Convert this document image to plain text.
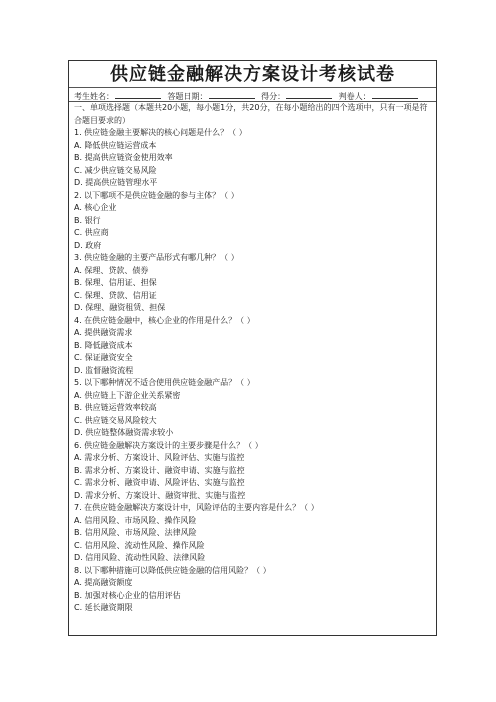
供应链金融解决方案设计考核试卷
考生姓名：	答题日期：	得分：	判卷人：
一、单项选择题（本题共20小题，每小题1分，共20分，在每小题给出的四个选项中，只有一项是符合题目要求的）
1. 供应链金融主要解决的核心问题是什么？（ ）
A. 降低供应链运营成本
B. 提高供应链资金使用效率
C. 减少供应链交易风险
D. 提高供应链管理水平
2. 以下哪项不是供应链金融的参与主体？（ ）
A. 核心企业
B. 银行
C. 供应商
D. 政府
3. 供应链金融的主要产品形式有哪几种？（ ）
A. 保理、贷款、债券
B. 保理、信用证、担保
C. 保理、贷款、信用证
D. 保理、融资租赁、担保
4. 在供应链金融中，核心企业的作用是什么？（ ）
A. 提供融资需求
B. 降低融资成本
C. 保证融资安全
D. 监督融资流程
5. 以下哪种情况不适合使用供应链金融产品？（ ）
A. 供应链上下游企业关系紧密
B. 供应链运营效率较高
C. 供应链交易风险较大
D. 供应链整体融资需求较小
6. 供应链金融解决方案设计的主要步骤是什么？（ ）
A. 需求分析、方案设计、风险评估、实施与监控
B. 需求分析、方案设计、融资申请、实施与监控
C. 需求分析、融资申请、风险评估、实施与监控
D. 需求分析、方案设计、融资审批、实施与监控
7. 在供应链金融解决方案设计中，风险评估的主要内容是什么？（ ）
A. 信用风险、市场风险、操作风险
B. 信用风险、市场风险、法律风险
C. 信用风险、流动性风险、操作风险
D. 信用风险、流动性风险、法律风险
8. 以下哪种措施可以降低供应链金融的信用风险？（ ）
A. 提高融资额度
B. 加强对核心企业的信用评估
C. 延长融资期限
